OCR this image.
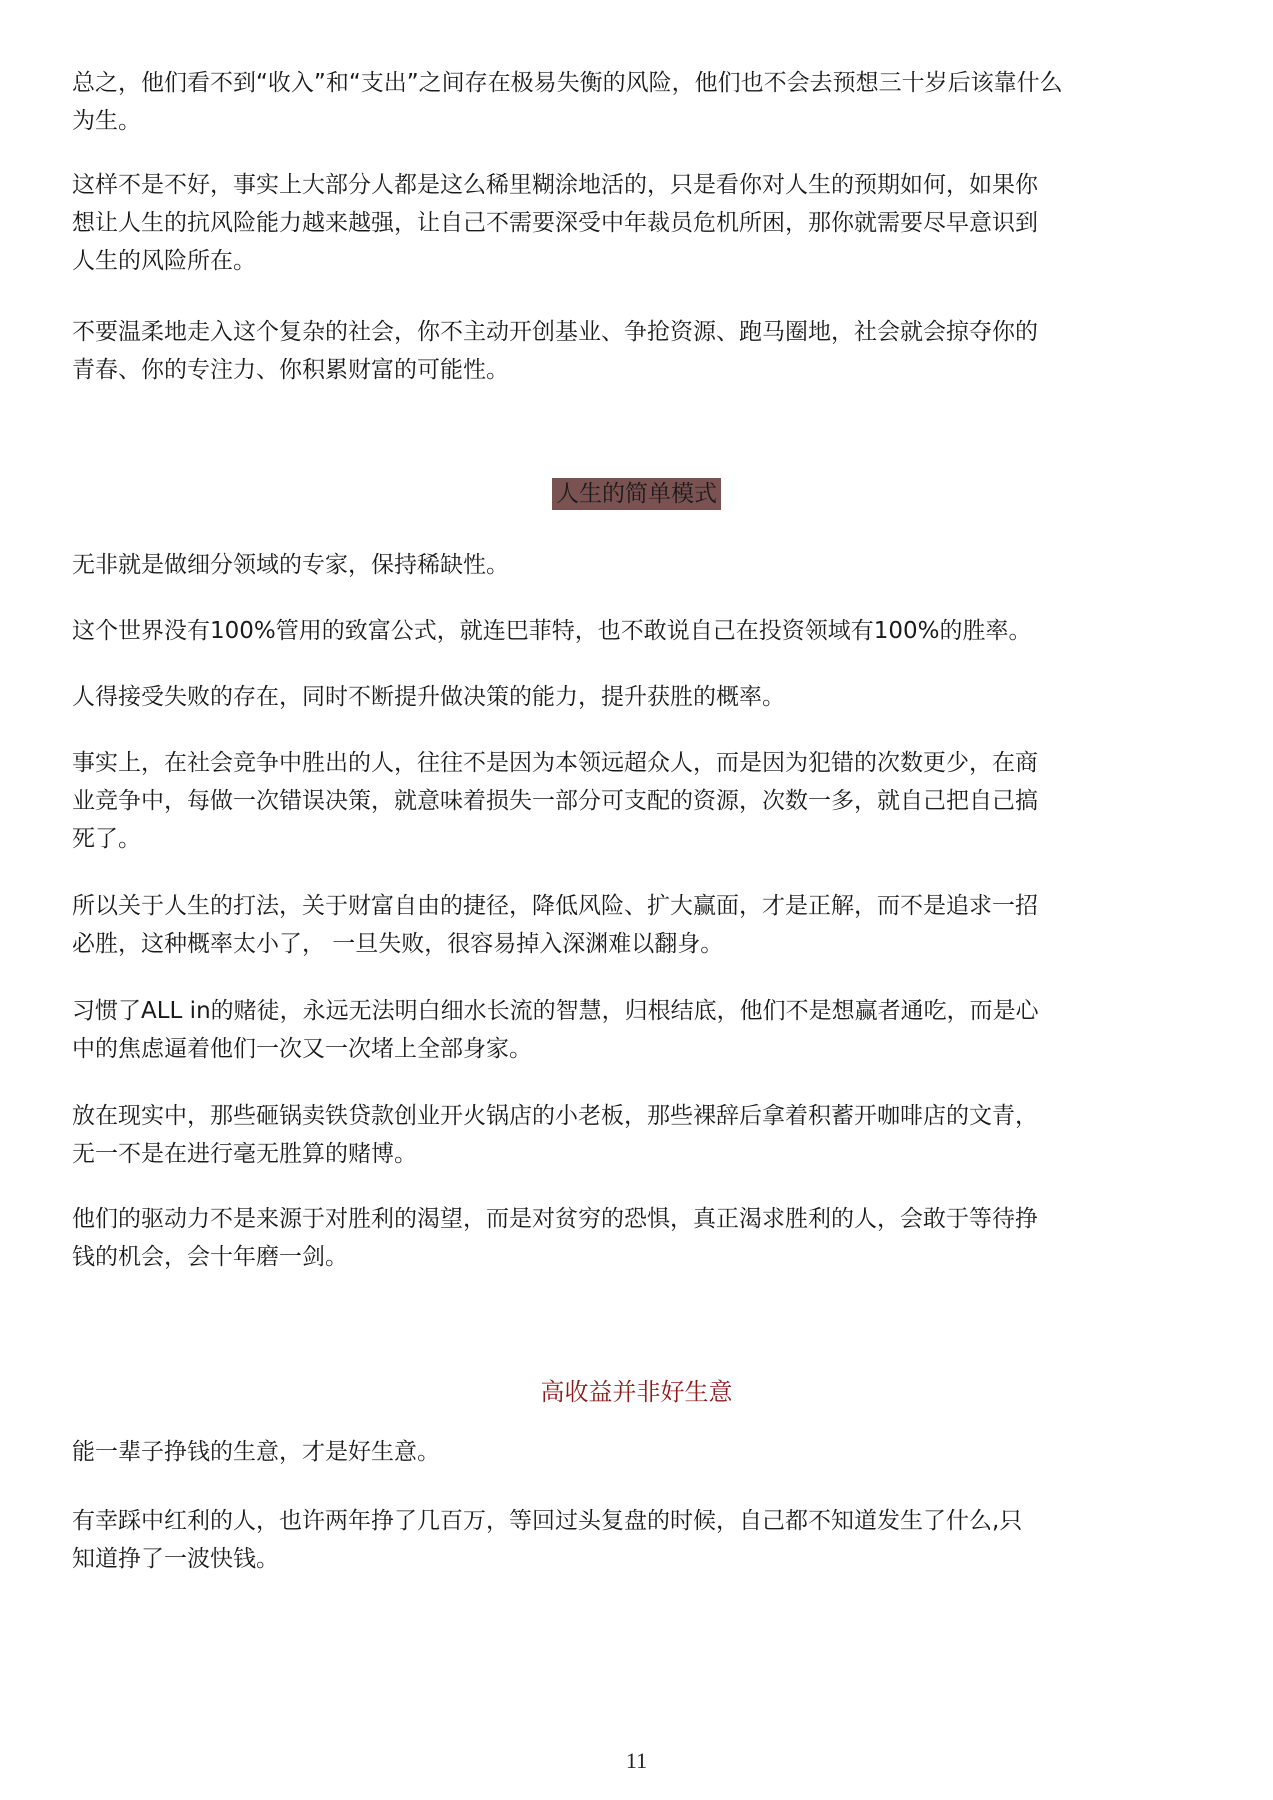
总之，他们看不到“收入”和“支出”之间存在极易失衡的风险，他们也不会去预想三十岁后该靠什么
为生。
这样不是不好，事实上大部分人都是这么稀里糊涂地活的，只是看你对人生的预期如何，如果你
想让人生的抗风险能力越来越强，让自己不需要深受中年裁员危机所困，那你就需要尽早意识到
人生的风险所在。
不要温柔地走入这个复杂的社会，你不主动开创基业、争抢资源、跑马圈地，社会就会掠夺你的
青春、你的专注力、你积累财富的可能性。
人生的简单模式
无非就是做细分领域的专家，保持稀缺性。
这个世界没有100%管用的致富公式，就连巴菲特，也不敢说自己在投资领域有100%的胜率。
人得接受失败的存在，同时不断提升做决策的能力，提升获胜的概率。
事实上，在社会竞争中胜出的人，往往不是因为本领远超众人，而是因为犯错的次数更少，在商
业竞争中，每做一次错误决策，就意味着损失一部分可支配的资源，次数一多，就自己把自己搞
死了。
所以关于人生的打法，关于财富自由的捷径，降低风险、扩大赢面，才是正解，而不是追求一招
必胜，这种概率太小了， 一旦失败，很容易掉入深渊难以翻身。
习惯了ALL in的赌徒，永远无法明白细水长流的智慧，归根结底，他们不是想赢者通吃，而是心
中的焦虑逼着他们一次又一次堵上全部身家。
放在现实中，那些砸锅卖铁贷款创业开火锅店的小老板，那些裸辞后拿着积蓄开咖啡店的文青，
无一不是在进行毫无胜算的赌博。
他们的驱动力不是来源于对胜利的渴望，而是对贫穷的恐惧，真正渴求胜利的人，会敢于等待挣
钱的机会，会十年磨一剑。
高收益并非好生意
能一辈子挣钱的生意，才是好生意。
有幸踩中红利的人，也许两年挣了几百万，等回过头复盘的时候，自己都不知道发生了什么,只
知道挣了一波快钱。
11
